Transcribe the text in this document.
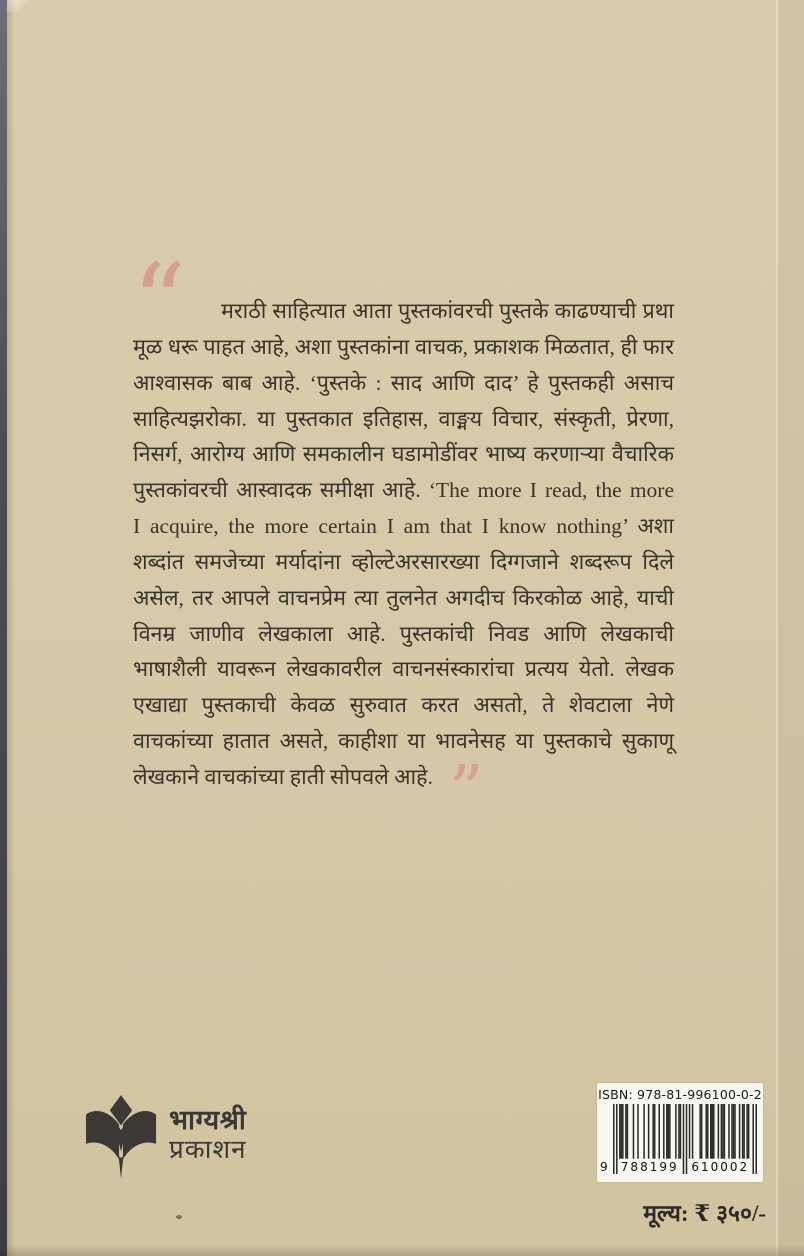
“	मराठी साहित्यात आता पुस्तकांवरची पुस्तके काढण्याची प्रथा
मूळ धरू पाहत आहे, अशा पुस्तकांना वाचक, प्रकाशक मिळतात, ही फार
आश्वासक बाब आहे. ‘पुस्तके : साद आणि दाद’ हे पुस्तकही असाच
साहित्यझरोका. या पुस्तकात इतिहास, वाङ्मय विचार, संस्कृती, प्रेरणा,
निसर्ग, आरोग्य आणि समकालीन घडामोडींवर भाष्य करणाऱ्या वैचारिक
पुस्तकांवरची आस्वादक समीक्षा आहे. ‘The more I read, the more
I acquire, the more certain I am that I know nothing’ अशा
शब्दांत समजेच्या मर्यादांना व्होल्टेअरसारख्या दिग्गजाने शब्दरूप दिले
असेल, तर आपले वाचनप्रेम त्या तुलनेत अगदीच किरकोळ आहे, याची
विनम्र जाणीव लेखकाला आहे. पुस्तकांची निवड आणि लेखकाची
भाषाशैली यावरून लेखकावरील वाचनसंस्कारांचा प्रत्यय येतो. लेखक
एखाद्या पुस्तकाची केवळ सुरुवात करत असतो, ते शेवटाला नेणे
वाचकांच्या हातात असते, काहीशा या भावनेसह या पुस्तकाचे सुकाणू
लेखकाने वाचकांच्या हाती सोपवले आहे. ”
भाग्यश्री
प्रकाशन
ISBN: 978-81-996100-0-2
9 788199 610002
मूल्य: ₹ ३५०/-
